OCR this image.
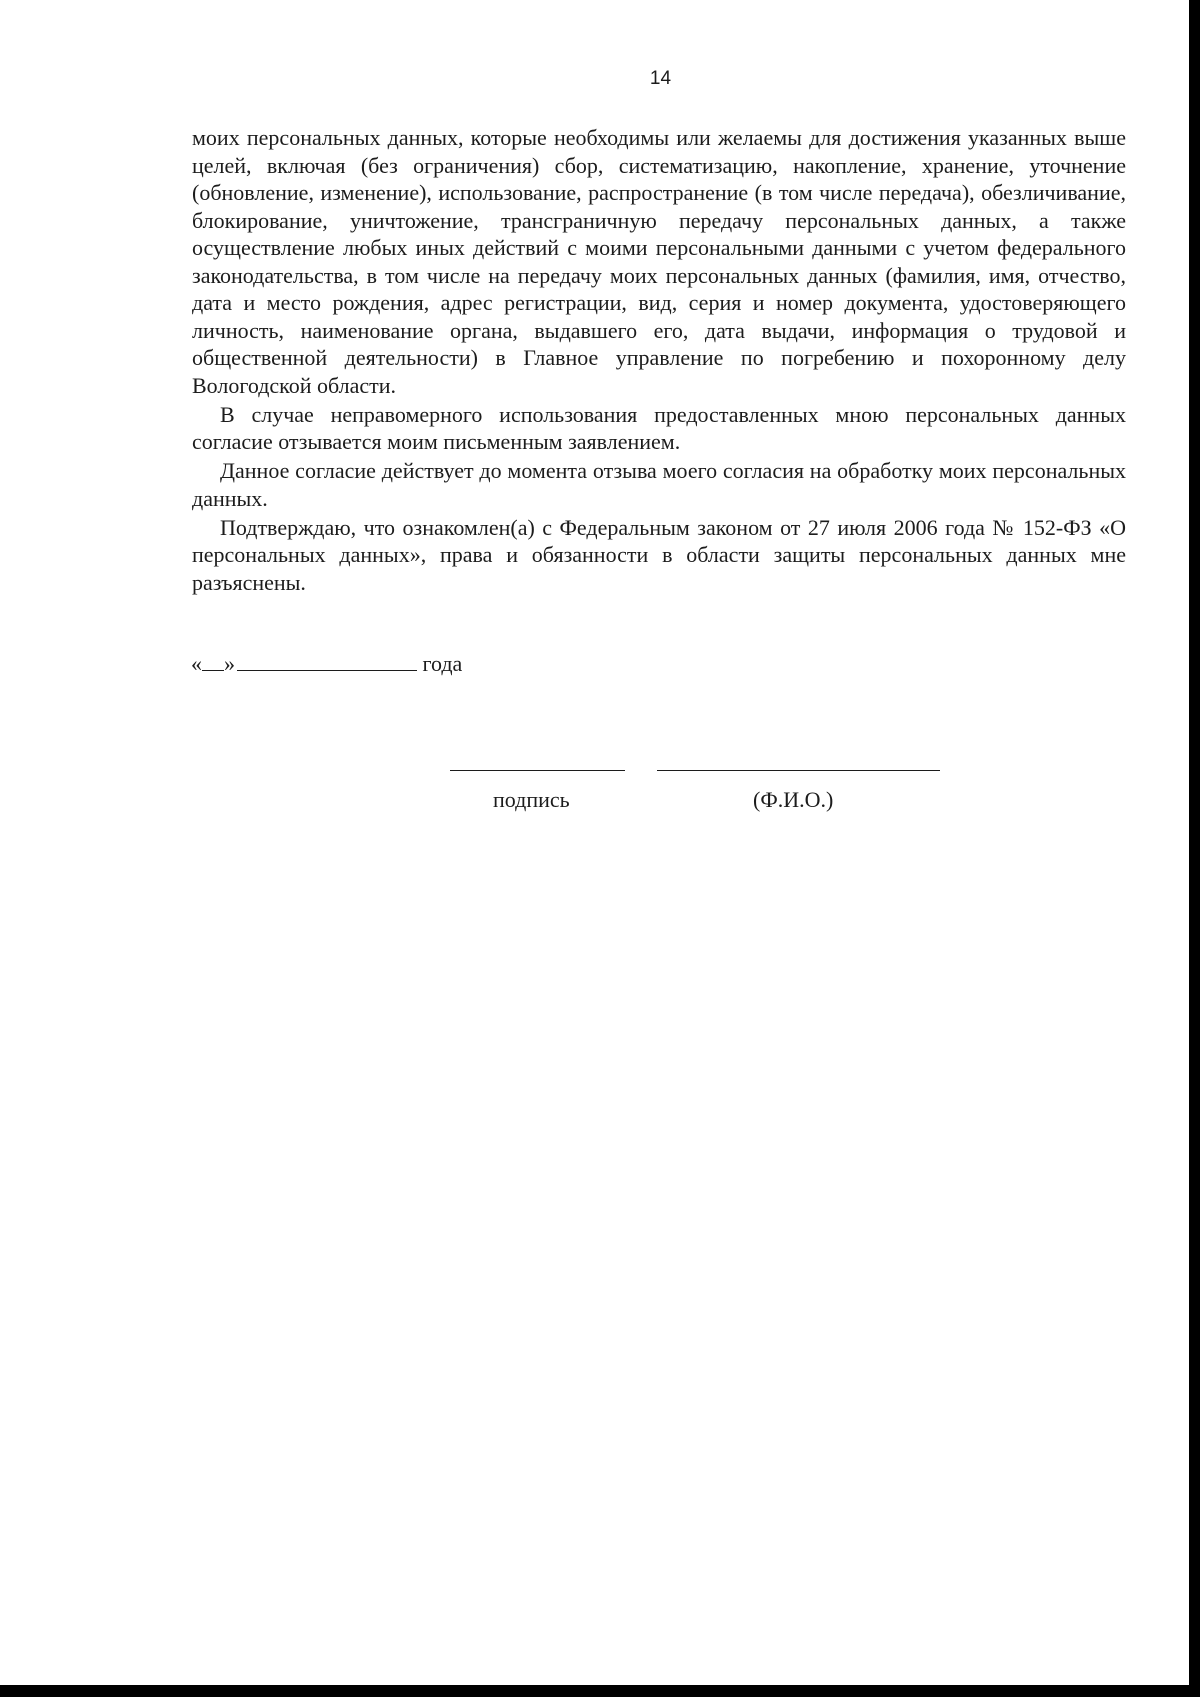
14

моих персональных данных, которые необходимы или желаемы для достижения указанных выше целей, включая (без ограничения) сбор, систематизацию, накопление, хранение, уточнение (обновление, изменение), использование, распространение (в том числе передача), обезличивание, блокирование, уничтожение, трансграничную передачу персональных данных, а также осуществление любых иных действий с моими персональными данными с учетом федерального законодательства, в том числе на передачу моих персональных данных (фамилия, имя, отчество, дата и место рождения, адрес регистрации, вид, серия и номер документа, удостоверяющего личность, наименование органа, выдавшего его, дата выдачи, информация о трудовой и общественной деятельности) в Главное управление по погребению и похоронному делу Вологодской области.

В случае неправомерного использования предоставленных мною персональных данных согласие отзывается моим письменным заявлением.

Данное согласие действует до момента отзыва моего согласия на обработку моих персональных данных.

Подтверждаю, что ознакомлен(а) с Федеральным законом от 27 июля 2006 года № 152-ФЗ «О персональных данных», права и обязанности в области защиты персональных данных мне разъяснены.

« »	года
подпись	(Ф.И.О.)
